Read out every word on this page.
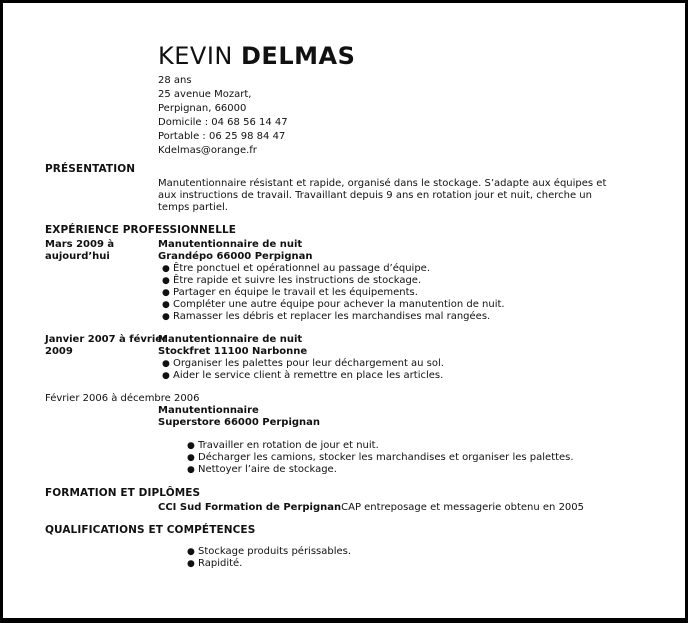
KEVIN DELMAS
28 ans
25 avenue Mozart,
Perpignan, 66000
Domicile : 04 68 56 14 47
Portable : 06 25 98 84 47
Kdelmas@orange.fr
PRÉSENTATION
Manutentionnaire résistant et rapide, organisé dans le stockage. S’adapte aux équipes et
aux instructions de travail. Travaillant depuis 9 ans en rotation jour et nuit, cherche un
temps partiel.
EXPÉRIENCE PROFESSIONNELLE
Mars 2009 à
aujourd’hui
Manutentionnaire de nuit
Grandépo 66000 Perpignan
● Être ponctuel et opérationnel au passage d’équipe.
● Être rapide et suivre les instructions de stockage.
● Partager en équipe le travail et les équipements.
● Compléter une autre équipe pour achever la manutention de nuit.
● Ramasser les débris et replacer les marchandises mal rangées.
Janvier 2007 à février
2009
Manutentionnaire de nuit
Stockfret 11100 Narbonne
● Organiser les palettes pour leur déchargement au sol.
● Aider le service client à remettre en place les articles.
Février 2006 à décembre 2006
Manutentionnaire
Superstore 66000 Perpignan
● Travailler en rotation de jour et nuit.
● Décharger les camions, stocker les marchandises et organiser les palettes.
● Nettoyer l’aire de stockage.
FORMATION ET DIPLÔMES
CCI Sud Formation de PerpignanCAP entreposage et messagerie obtenu en 2005
QUALIFICATIONS ET COMPÉTENCES
● Stockage produits périssables.
● Rapidité.
